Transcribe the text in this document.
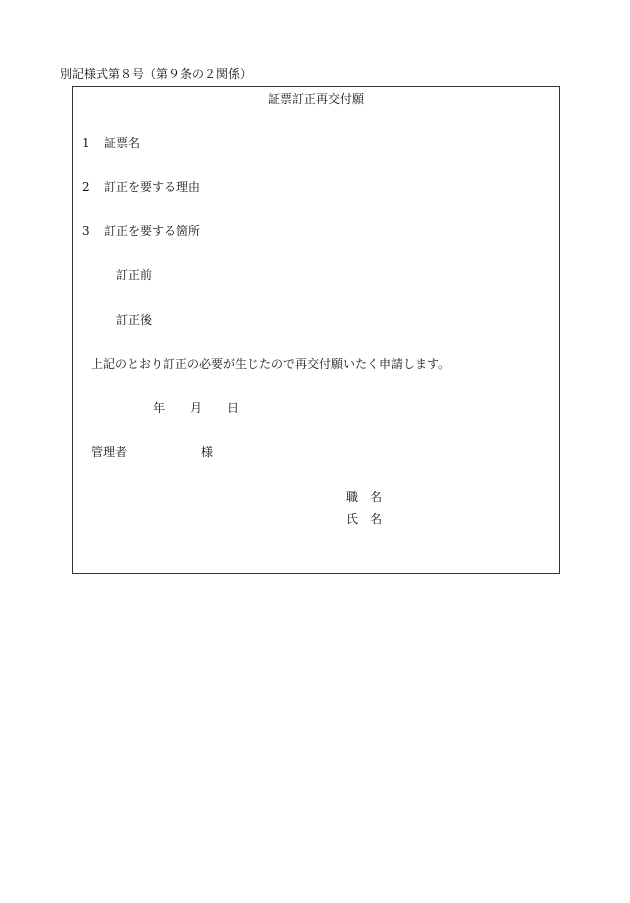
別記様式第８号（第９条の２関係）
証票訂正再交付願
1 証票名
2 訂正を要する理由
3 訂正を要する箇所
訂正前
訂正後
上記のとおり訂正の必要が生じたので再交付願いたく申請します。
年 月 日
管理者	様
職　名
氏　名
